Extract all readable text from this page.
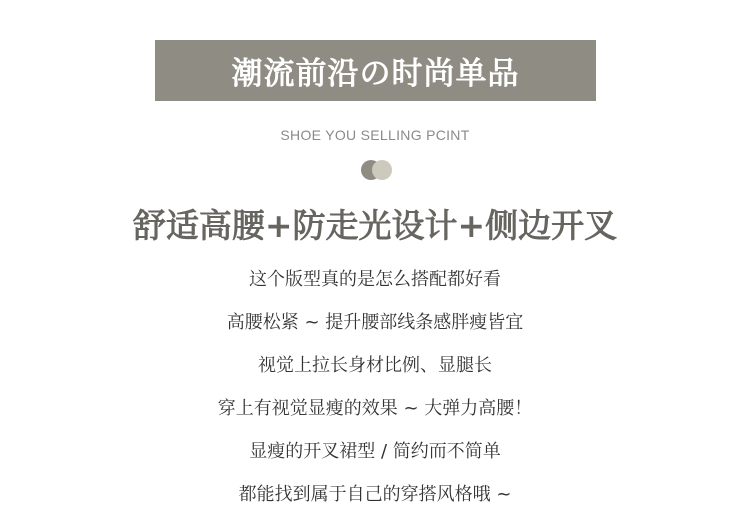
潮流前沿の时尚单品
SHOE YOU SELLING PCINT
舒适高腰+防走光设计+侧边开叉
这个版型真的是怎么搭配都好看
高腰松紧 ~ 提升腰部线条感胖瘦皆宜
视觉上拉长身材比例、显腿长
穿上有视觉显瘦的效果 ~ 大弹力高腰！
显瘦的开叉裙型 / 简约而不简单
都能找到属于自己的穿搭风格哦 ~
